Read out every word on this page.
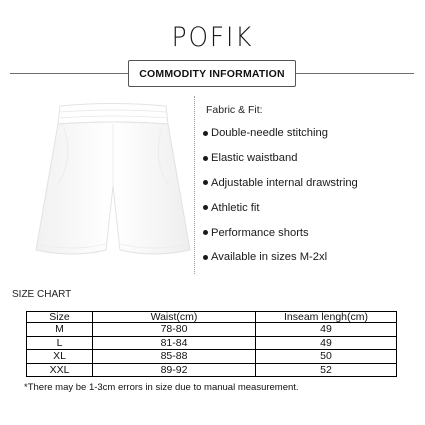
POFIK
COMMODITY INFORMATION
Fabric & Fit:
Double-needle stitching
Elastic waistband
Adjustable internal drawstring
Athletic fit
Performance shorts
Available in sizes M-2xl
SIZE CHART
Size	Waist(cm)	Inseam lengh(cm)
M	78-80	49
L	81-84	49
XL	85-88	50
XXL	89-92	52
*There may be 1-3cm errors in size due to manual measurement.
